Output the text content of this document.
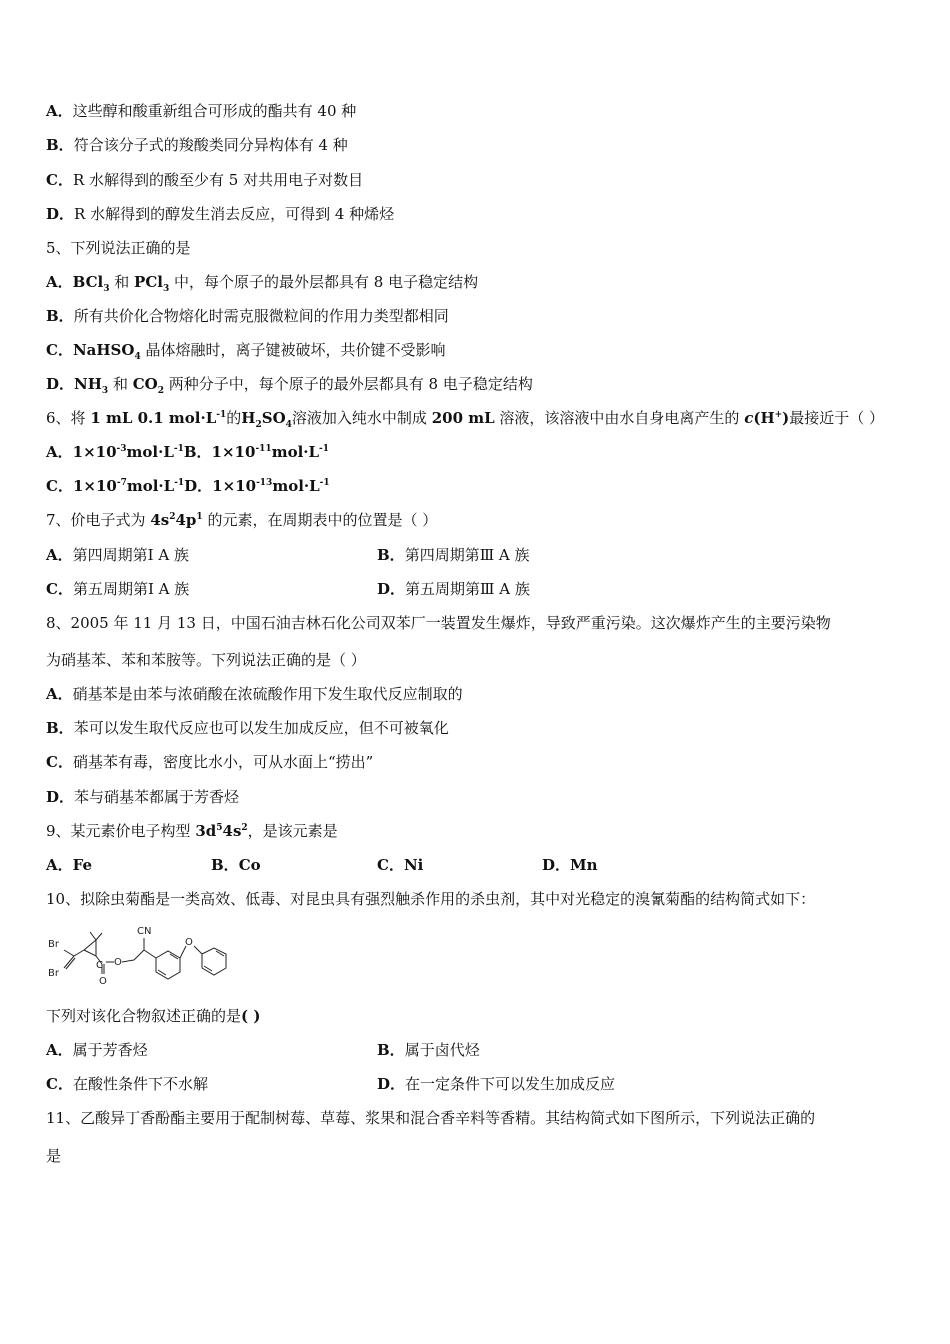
A．这些醇和酸重新组合可形成的酯共有 40 种
B．符合该分子式的羧酸类同分异构体有 4 种
C．R 水解得到的酸至少有 5 对共用电子对数目
D．R 水解得到的醇发生消去反应，可得到 4 种烯烃
5、下列说法正确的是
A．BCl$_3$ 和 PCl$_3$ 中，每个原子的最外层都具有 8 电子稳定结构
B．所有共价化合物熔化时需克服微粒间的作用力类型都相同
C．NaHSO$_4$ 晶体熔融时，离子键被破坏，共价键不受影响
D．$NH_3$ 和 $CO_2$ 两种分子中，每个原子的最外层都具有 8 电子稳定结构
6、将 1 mL 0.1 $mol\cdot L^{-1}$的$H_2SO_4$溶液加入纯水中制成 200 mL 溶液，该溶液中由水自身电离产生的 c(H+)最接近于（ ）
A．$1\times 10^{-3}mol\cdot L^{-1}B$．$1\times 10^{-11}mol\cdot L^{-1}$
C．$1\times 10^{-7}mol\cdot L^{-1}D$．$1\times 10^{-13}mol\cdot L^{-1}$
7、价电子式为 $4s^24p^1$ 的元素，在周期表中的位置是（ ）
A．第四周期第Ⅰ A 族	B．第四周期第Ⅲ A 族
C．第五周期第Ⅰ A 族	D．第五周期第Ⅲ A 族
8、2005 年 11 月 13 日，中国石油吉林石化公司双苯厂一装置发生爆炸，导致严重污染。这次爆炸产生的主要污染物
为硝基苯、苯和苯胺等。下列说法正确的是（ ）
A．硝基苯是由苯与浓硝酸在浓硫酸作用下发生取代反应制取的
B．苯可以发生取代反应也可以发生加成反应，但不可被氧化
C．硝基苯有毒，密度比水小，可从水面上“捞出”
D．苯与硝基苯都属于芳香烃
9、某元素价电子构型 $3d^54s^2$，是该元素是
A．Fe	B．Co	C．Ni	D．Mn
10、拟除虫菊酯是一类高效、低毒、对昆虫具有强烈触杀作用的杀虫剂，其中对光稳定的溴氰菊酯的结构简式如下：
Br
Br
C
O
O
CN
O
下列对该化合物叙述正确的是( )
A．属于芳香烃	B．属于卤代烃
C．在酸性条件下不水解	D．在一定条件下可以发生加成反应
11、乙酸异丁香酚酯主要用于配制树莓、草莓、浆果和混合香辛料等香精。其结构简式如下图所示，下列说法正确的
是
